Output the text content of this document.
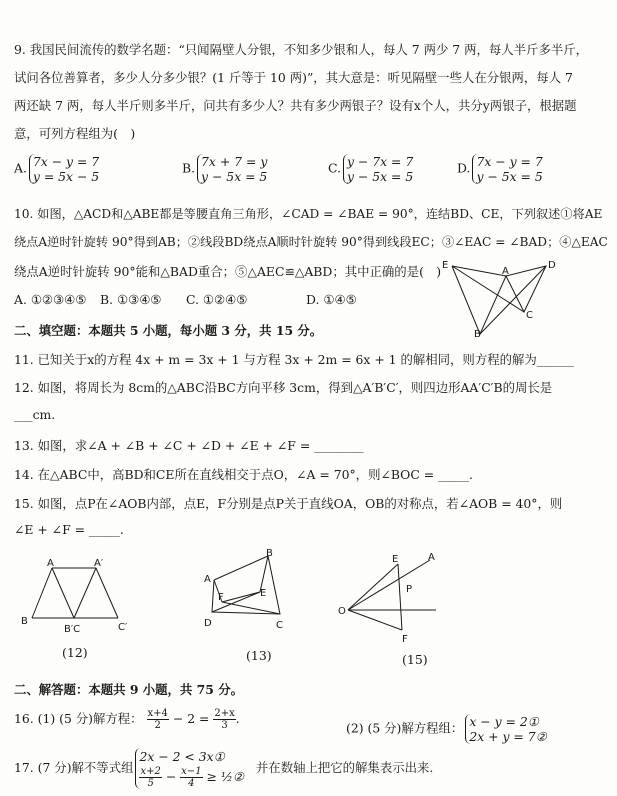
9. 我国民间流传的数学名题：“只闻隔壁人分银，不知多少银和人，每人 7 两少 7 两，每人半斤多半斤，
试问各位善算者，多少人分多少银？(1 斤等于 10 两)”，其大意是：听见隔壁一些人在分银两，每人 7
两还缺 7 两，每人半斤则多半斤，问共有多少人？共有多少两银子？设有x个人，共分y两银子，根据题
意，可列方程组为(　)
A. 7x − y = 7
y = 5x − 5
B. 7x + 7 = y
y − 5x = 5
C. y − 7x = 7
y − 5x = 5
D. 7x − y = 7
y − 5x = 5
10. 如图，△ACD和△ABE都是等腰直角三角形，∠CAD = ∠BAE = 90°，连结BD、CE，下列叙述①将AE
绕点A逆时针旋转 90°得到AB；②线段BD绕点A顺时针旋转 90°得到线段EC；③∠EAC = ∠BAD；④△EAC
绕点A逆时针旋转 90°能和△BAD重合；⑤△AEC≌△ABD；其中正确的是(　)
A. ①②③④⑤ B. ①③④⑤ C. ①②④⑤	D. ①④⑤
E
A
D
C
B
二、填空题：本题共 5 小题，每小题 3 分，共 15 分。
11. 已知关于x的方程 4x + m = 3x + 1 与方程 3x + 2m = 6x + 1 的解相同，则方程的解为______
12. 如图，将周长为 8cm的△ABC沿BC方向平移 3cm，得到△A′B′C′，则四边形AA′C′B的周长是
___cm.
13. 如图，求∠A + ∠B + ∠C + ∠D + ∠E + ∠F = ________
14. 在△ABC中，高BD和CE所在直线相交于点O，∠A = 70°，则∠BOC = _____.
15. 如图，点P在∠AOB内部，点E，F分别是点P关于直线OA，OB的对称点，若∠AOB = 40°，则
∠E + ∠F = _____.
A	A′
B
B′C	C′
(12)
A
B
C
D
E
F
(13)
E	A
P
O
F
(15)
二、解答题：本题共 9 小题，共 75 分。
16. (1) (5 分)解方程： $\frac{x+4}{2} - 2 = \frac{2+x}{3}$ .
(2) (5 分)解方程组： x − y = 2①
2x + y = 7②
17. (7 分)解不等式组
2x − 2 < 3x①
$\frac{x+2}{5} - \frac{x-1}{4}$ ≥ ½②
并在数轴上把它的解集表示出来.
